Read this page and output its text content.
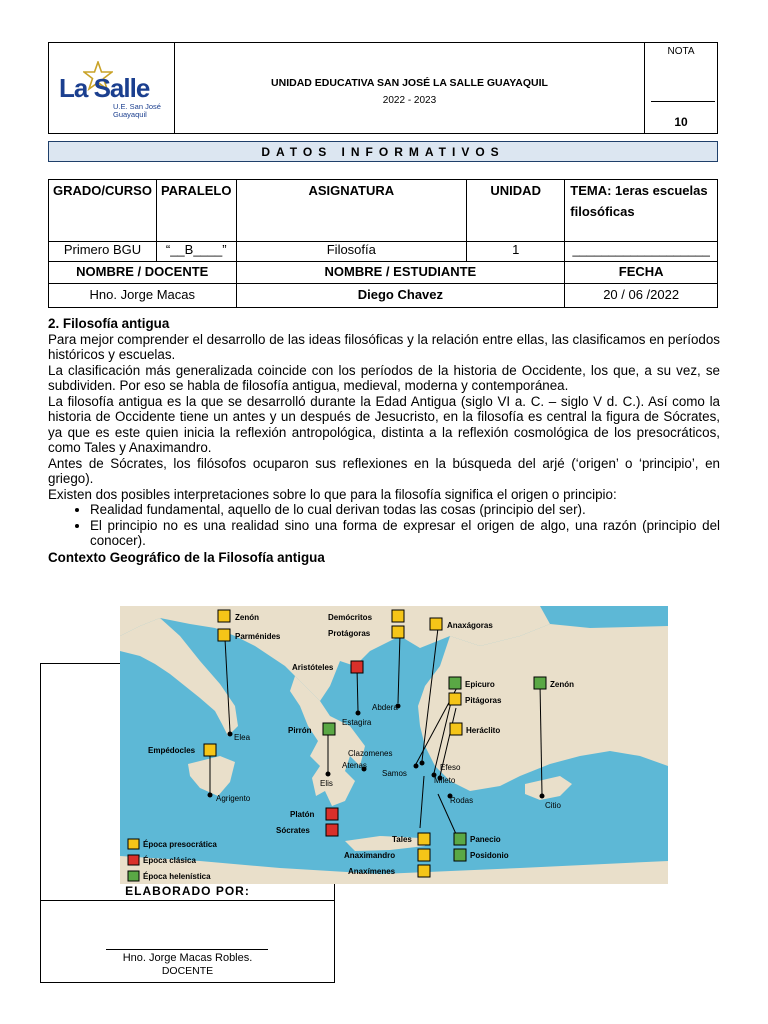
La Salle
U.E. San José
Guayaquil
UNIDAD EDUCATIVA SAN JOSÉ LA SALLE GUAYAQUIL
2022 - 2023
NOTA
10
DATOS INFORMATIVOS
GRADO/CURSO	PARALELO	ASIGNATURA	UNIDAD	TEMA: 1eras escuelas filosóficas
Primero BGU	“__B____”	Filosofía	1	___________________
NOMBRE / DOCENTE		NOMBRE / ESTUDIANTE		FECHA
Hno. Jorge Macas		Diego Chavez		20 / 06 /2022
2. Filosofía antigua

Para mejor comprender el desarrollo de las ideas filosóficas y la relación entre ellas, las clasificamos en períodos históricos y escuelas.

La clasificación más generalizada coincide con los períodos de la historia de Occidente, los que, a su vez, se subdividen. Por eso se habla de filosofía antigua, medieval, moderna y contemporánea.

La filosofía antigua es la que se desarrolló durante la Edad Antigua (siglo VI a. C. – siglo V d. C.). Así como la historia de Occidente tiene un antes y un después de Jesucristo, en la filosofía es central la figura de Sócrates, ya que es este quien inicia la reflexión antropológica, distinta a la reflexión cosmológica de los presocráticos, como Tales y Anaximandro.

Antes de Sócrates, los filósofos ocuparon sus reflexiones en la búsqueda del arjé (‘origen’ o ‘principio’, en griego).

Existen dos posibles interpretaciones sobre lo que para la filosofía significa el origen o principio:

• Realidad fundamental, aquello de lo cual derivan todas las cosas (principio del ser).
• El principio no es una realidad sino una forma de expresar el origen de algo, una razón (principio del conocer).
Contexto Geográfico de la Filosofía antigua
Zenón
Parménides
Demócritos
Protágoras
Anaxágoras
Aristóteles
Epicuro
Pitágoras
Zenón
Pirrón	Heráclito
Empédocles
Platón
Sócrates
Tales
Anaximandro
Anaxímenes
Panecio
Posidonio
Elea
Agrigento
Abdera
Estagira
Clazomenes
Atenas
Elis
Samos
Efeso
Mileto
Rodas
Citio
Época presocrática
Época clásica
Época helenística
ELABORADO POR:
Hno. Jorge Macas Robles.
DOCENTE
